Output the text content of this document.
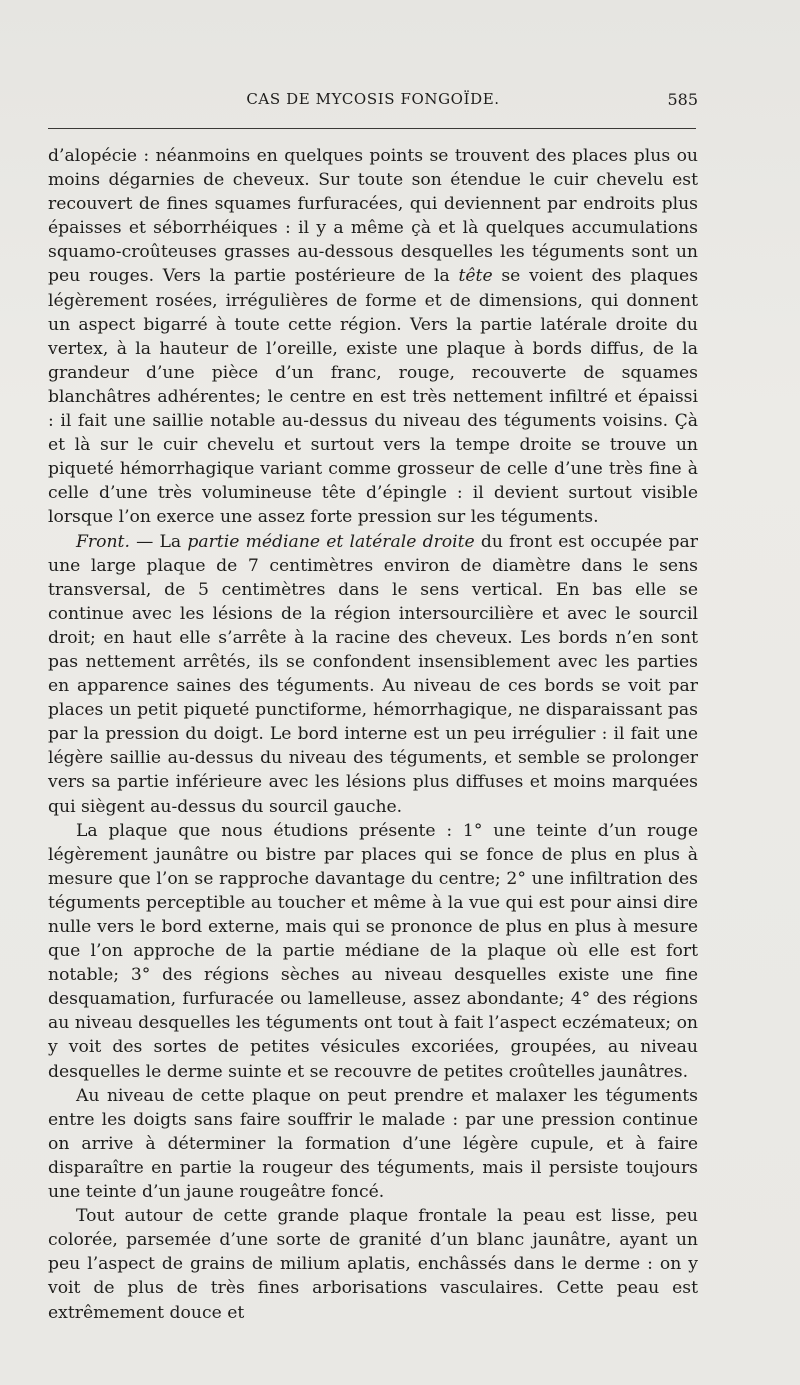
CAS DE MYCOSIS FONGOÏDE.	585

d’alopécie : néanmoins en quelques points se trouvent des places plus ou moins dégarnies de cheveux. Sur toute son étendue le cuir chevelu est recouvert de fines squames furfuracées, qui deviennent par endroits plus épaisses et séborrhéiques : il y a même çà et là quelques accumulations squamo-croûteuses grasses au-dessous desquelles les téguments sont un peu rouges. Vers la partie postérieure de la tête se voient des plaques légèrement rosées, irrégulières de forme et de dimensions, qui donnent un aspect bigarré à toute cette région. Vers la partie latérale droite du vertex, à la hauteur de l’oreille, existe une plaque à bords diffus, de la grandeur d’une pièce d’un franc, rouge, recouverte de squames blanchâtres adhérentes; le centre en est très nettement infiltré et épaissi : il fait une saillie notable au-dessus du niveau des téguments voisins. Çà et là sur le cuir chevelu et surtout vers la tempe droite se trouve un piqueté hémorrhagique variant comme grosseur de celle d’une très fine à celle d’une très volumineuse tête d’épingle : il devient surtout visible lorsque l’on exerce une assez forte pression sur les téguments.

Front. — La partie médiane et latérale droite du front est occupée par une large plaque de 7 centimètres environ de diamètre dans le sens transversal, de 5 centimètres dans le sens vertical. En bas elle se continue avec les lésions de la région intersourcilière et avec le sourcil droit; en haut elle s’arrête à la racine des cheveux. Les bords n’en sont pas nettement arrêtés, ils se confondent insensiblement avec les parties en apparence saines des téguments. Au niveau de ces bords se voit par places un petit piqueté punctiforme, hémorrhagique, ne disparaissant pas par la pression du doigt. Le bord interne est un peu irrégulier : il fait une légère saillie au-dessus du niveau des téguments, et semble se prolonger vers sa partie inférieure avec les lésions plus diffuses et moins marquées qui siègent au-dessus du sourcil gauche.

La plaque que nous étudions présente : 1° une teinte d’un rouge légèrement jaunâtre ou bistre par places qui se fonce de plus en plus à mesure que l’on se rapproche davantage du centre; 2° une infiltration des téguments perceptible au toucher et même à la vue qui est pour ainsi dire nulle vers le bord externe, mais qui se prononce de plus en plus à mesure que l’on approche de la partie médiane de la plaque où elle est fort notable; 3° des régions sèches au niveau desquelles existe une fine desquamation, furfuracée ou lamelleuse, assez abondante; 4° des régions au niveau desquelles les téguments ont tout à fait l’aspect eczémateux; on y voit des sortes de petites vésicules excoriées, groupées, au niveau desquelles le derme suinte et se recouvre de petites croûtelles jaunâtres.

Au niveau de cette plaque on peut prendre et malaxer les téguments entre les doigts sans faire souffrir le malade : par une pression continue on arrive à déterminer la formation d’une légère cupule, et à faire disparaître en partie la rougeur des téguments, mais il persiste toujours une teinte d’un jaune rougeâtre foncé.

Tout autour de cette grande plaque frontale la peau est lisse, peu colorée, parsemée d’une sorte de granité d’un blanc jaunâtre, ayant un peu l’aspect de grains de milium aplatis, enchâssés dans le derme : on y voit de plus de très fines arborisations vasculaires. Cette peau est extrêmement douce et
